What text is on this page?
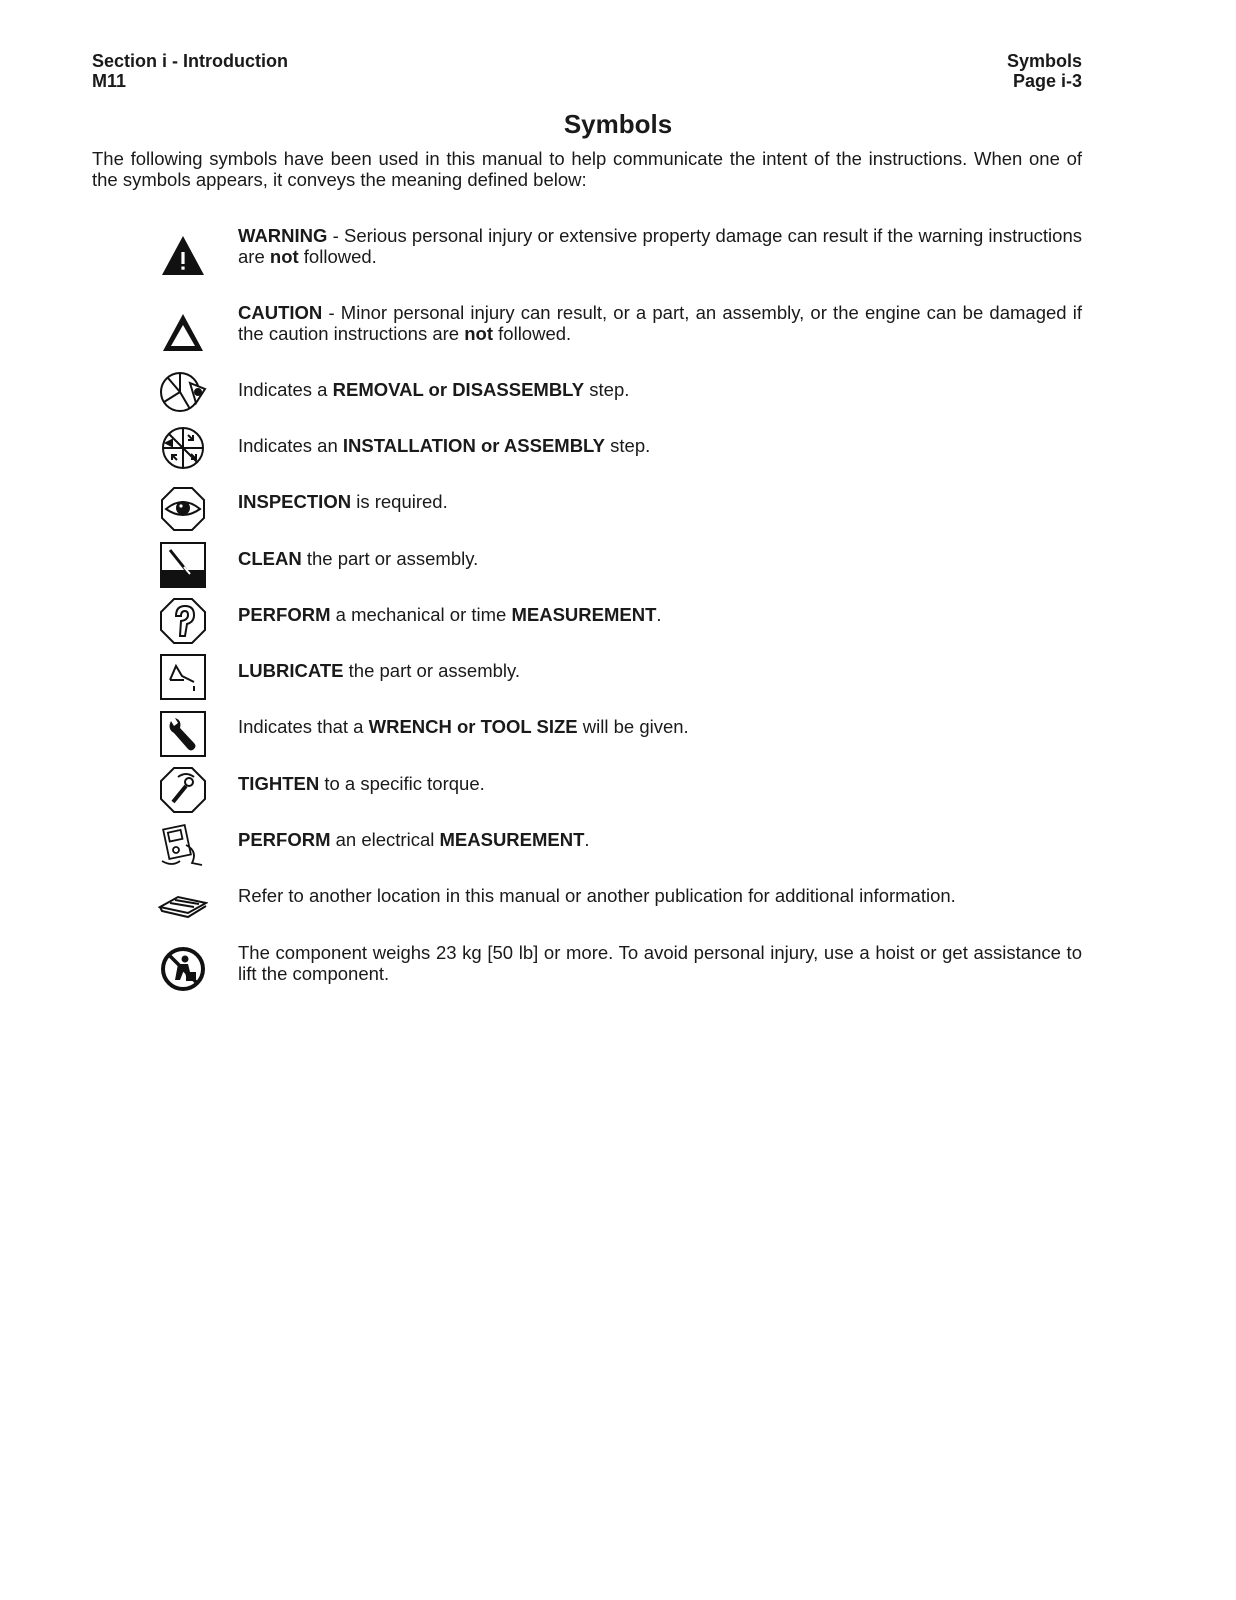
Section i - Introduction
M11
Symbols
Page i-3
Symbols
The following symbols have been used in this manual to help communicate the intent of the instructions. When one of the symbols appears, it conveys the meaning defined below:
WARNING - Serious personal injury or extensive property damage can result if the warning instructions are not followed.
CAUTION - Minor personal injury can result, or a part, an assembly, or the engine can be damaged if the caution instructions are not followed.
Indicates a REMOVAL or DISASSEMBLY step.
Indicates an INSTALLATION or ASSEMBLY step.
INSPECTION is required.
CLEAN the part or assembly.
PERFORM a mechanical or time MEASUREMENT.
LUBRICATE the part or assembly.
Indicates that a WRENCH or TOOL SIZE will be given.
TIGHTEN to a specific torque.
PERFORM an electrical MEASUREMENT.
Refer to another location in this manual or another publication for additional information.
The component weighs 23 kg [50 lb] or more. To avoid personal injury, use a hoist or get assistance to lift the component.
